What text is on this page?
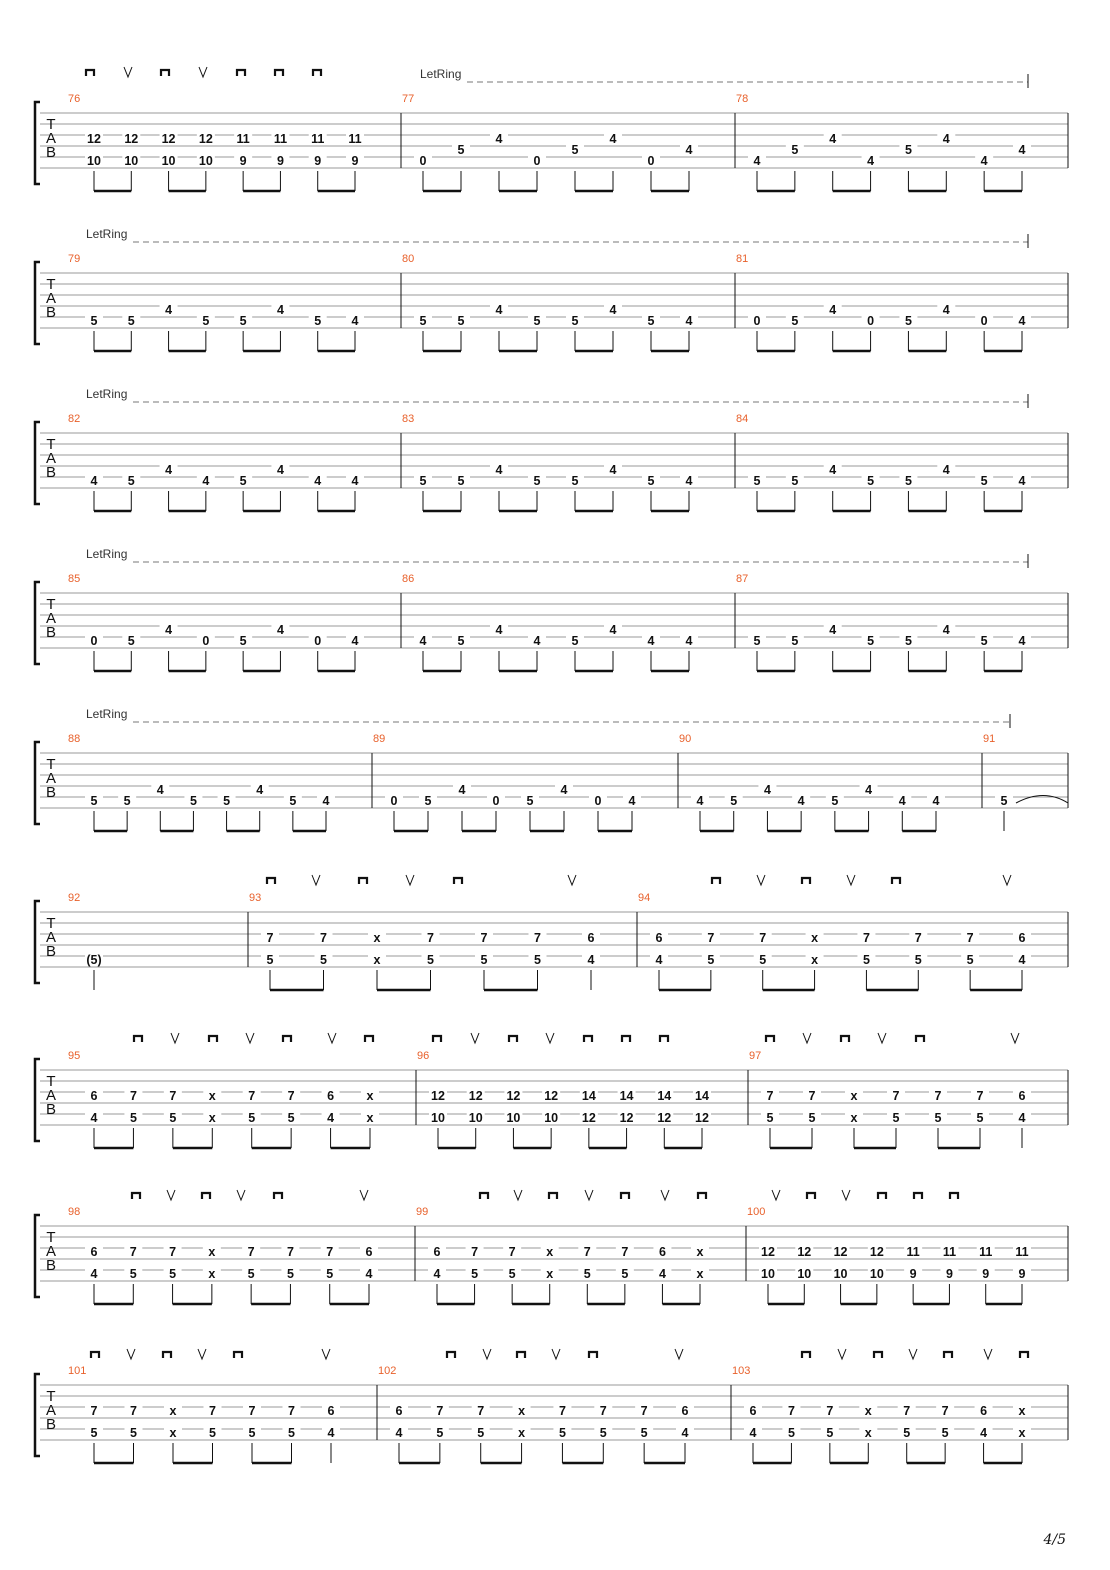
T
A
B
76
12
10
12
10
12
10
12
10
11
9
11
9
11
9
11
9
77
0
5
4
0
5
4
0
4
78
4
5
4
4
5
4
4
4
LetRing
T
A
B
79
5 5
4
5 5
4
5 4
80
5 5
4
5 5
4
5 4
81
0 5
4
0 5
4
0 4
LetRing
T
A
B
82
4 5
4
4 5
4
4 4
83
5 5
4
5 5
4
5 4
84
5 5
4
5 5
4
5 4
LetRing
T
A
B
85
0 5
4
0 5
4
0 4
86
4 5
4
4 5
4
4 4
87
5 5
4
5 5
4
5 4
LetRing
T
A
B
88
5 5
4
5 5
4
5 4
89
0 5
4
0 5
4
0 4
90
4 5
4
4 5
4
4 4
91
5
LetRing
T
A
B
92
(5)
93
7
5
7
5
x
x
7
5
7
5
7
5
6
4
94
6
4
7
5
7
5
x
x
7
5
7
5
7
5
6
4
T
A
B
95
6
4
7
5
7
5
x
x
7
5
7
5
6
4
x
x
96
12
10
12
10
12
10
12
10
14
12
14
12
14
12
14
12
97
7
5
7
5
x
x
7
5
7
5
7
5
6
4
T
A
B
98
6
4
7
5
7
5
x
x
7
5
7
5
7
5
6
4
99
6
4
7
5
7
5
x
x
7
5
7
5
6
4
x
x
100
12
10
12
10
12
10
12
10
11
9
11
9
11
9
11
9
T
A
B
101
7
5
7
5
x
x
7
5
7
5
7
5
6
4
102
6
4
7
5
7
5
x
x
7
5
7
5
7
5
6
4
103
6
4
7
5
7
5
x
x
7
5
7
5
6
4
x
x
4/5
